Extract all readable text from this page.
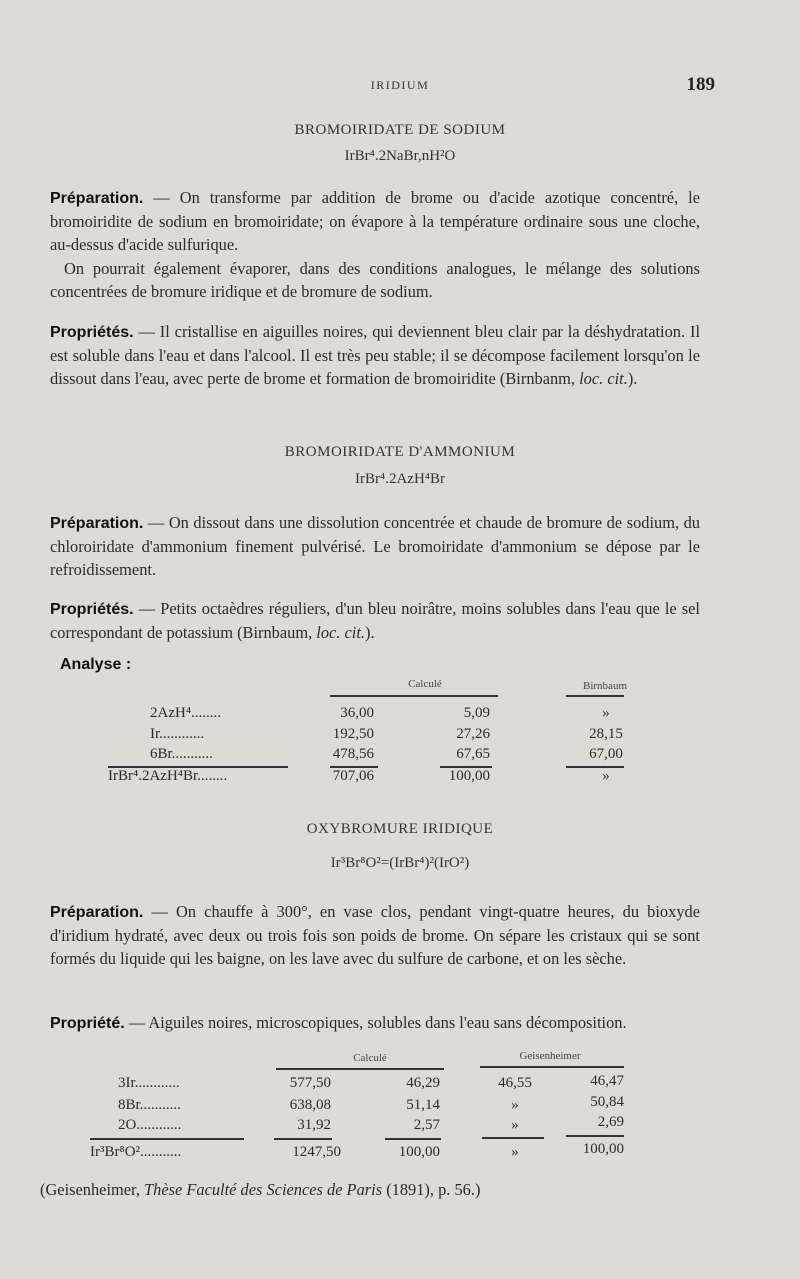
IRIDIUM	189
BROMOIRIDATE DE SODIUM
IrBr⁴.2NaBr,nH²O
Préparation. — On transforme par addition de brome ou d'acide azotique concentré, le bromoiridite de sodium en bromoiridate; on évapore à la température ordinaire sous une cloche, au-dessus d'acide sulfurique.
On pourrait également évaporer, dans des conditions analogues, le mélange des solutions concentrées de bromure iridique et de bromure de sodium.
Propriétés. — Il cristallise en aiguilles noires, qui deviennent bleu clair par la déshydratation. Il est soluble dans l'eau et dans l'alcool. Il est très peu stable; il se décompose facilement lorsqu'on le dissout dans l'eau, avec perte de brome et formation de bromoiridite (Birnbanm, loc. cit.).
BROMOIRIDATE D'AMMONIUM
IrBr⁴.2AzH⁴Br
Préparation. — On dissout dans une dissolution concentrée et chaude de bromure de sodium, du chloroiridate d'ammonium finement pulvérisé. Le bromoiridate d'ammonium se dépose par le refroidissement.
Propriétés. — Petits octaèdres réguliers, d'un bleu noirâtre, moins solubles dans l'eau que le sel correspondant de potassium (Birnbaum, loc. cit.).
Analyse :
Calculé	Birnbaum
2AzH⁴........	36,00	5,09	»
Ir............	192,50	27,26	28,15
6Br...........	478,56	67,65	67,00
IrBr⁴.2AzH⁴Br........	707,06	100,00	»
OXYBROMURE IRIDIQUE
Ir³Br⁸O²=(IrBr⁴)²(IrO²)
Préparation. — On chauffe à 300°, en vase clos, pendant vingt-quatre heures, du bioxyde d'iridium hydraté, avec deux ou trois fois son poids de brome. On sépare les cristaux qui se sont formés du liquide qui les baigne, on les lave avec du sulfure de carbone, et on les sèche.
Propriété. — Aiguiles noires, microscopiques, solubles dans l'eau sans décomposition.
Calculé	Geisenheimer
3Ir............	577,50	46,29	46,55	46,47
8Br...........	638,08	51,14	»	50,84
2O............	31,92	2,57	»	2,69
Ir³Br⁸O²...........	1247,50	100,00	»	100,00
(Geisenheimer, Thèse Faculté des Sciences de Paris (1891), p. 56.)
